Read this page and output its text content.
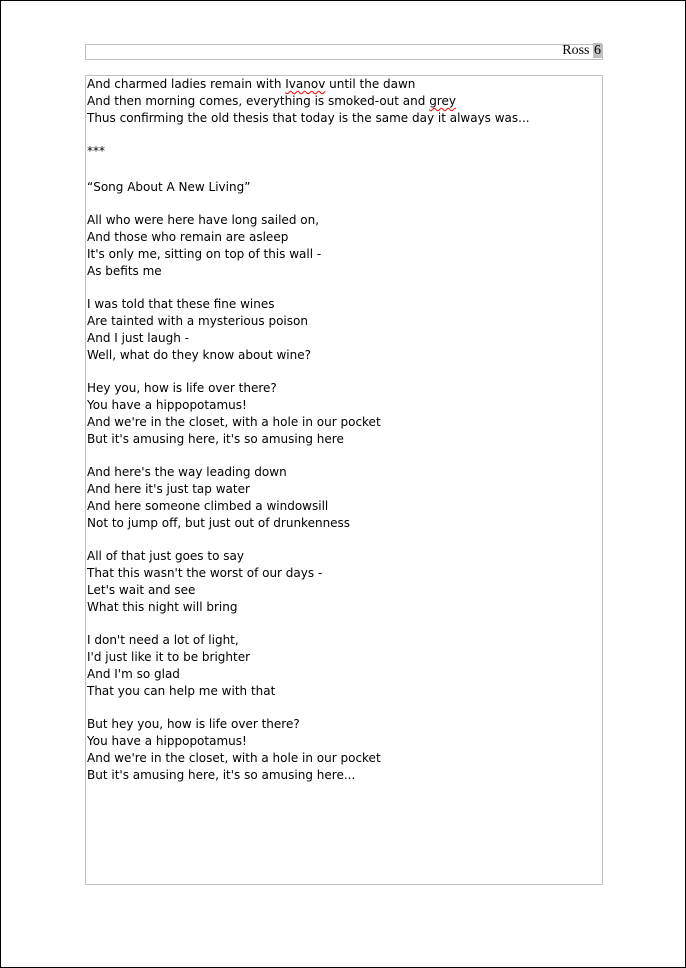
Ross 6
And charmed ladies remain with Ivanov until the dawn
And then morning comes, everything is smoked-out and grey
Thus confirming the old thesis that today is the same day it always was...
***
“Song About A New Living”
All who were here have long sailed on,
And those who remain are asleep
It's only me, sitting on top of this wall -
As befits me
I was told that these fine wines
Are tainted with a mysterious poison
And I just laugh -
Well, what do they know about wine?
Hey you, how is life over there?
You have a hippopotamus!
And we're in the closet, with a hole in our pocket
But it's amusing here, it's so amusing here
And here's the way leading down
And here it's just tap water
And here someone climbed a windowsill
Not to jump off, but just out of drunkenness
All of that just goes to say
That this wasn't the worst of our days -
Let's wait and see
What this night will bring
I don't need a lot of light,
I'd just like it to be brighter
And I'm so glad
That you can help me with that
But hey you, how is life over there?
You have a hippopotamus!
And we're in the closet, with a hole in our pocket
But it's amusing here, it's so amusing here...
